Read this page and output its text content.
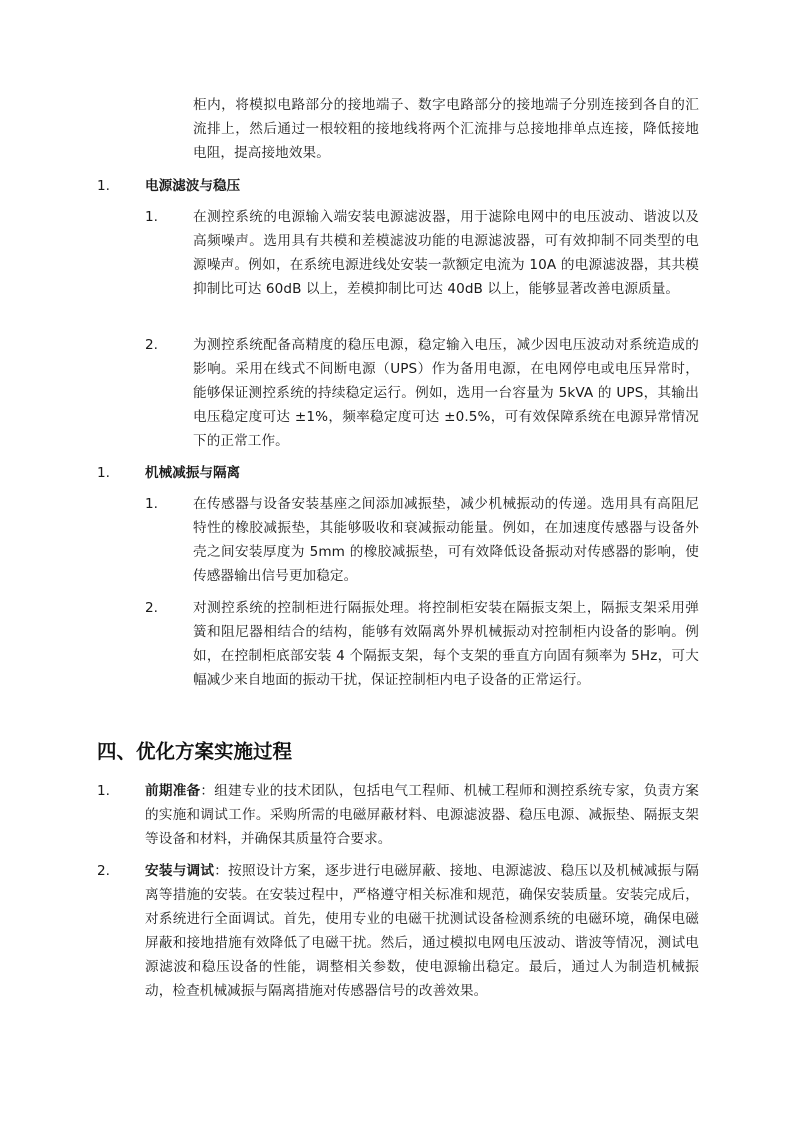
柜内，将模拟电路部分的接地端子、数字电路部分的接地端子分别连接到各自的汇流排上，然后通过一根较粗的接地线将两个汇流排与总接地排单点连接，降低接地电阻，提高接地效果。

1.	电源滤波与稳压
1.	在测控系统的电源输入端安装电源滤波器，用于滤除电网中的电压波动、谐波以及高频噪声。选用具有共模和差模滤波功能的电源滤波器，可有效抑制不同类型的电源噪声。例如，在系统电源进线处安装一款额定电流为 10A 的电源滤波器，其共模抑制比可达 60dB 以上，差模抑制比可达 40dB 以上，能够显著改善电源质量。

2.	为测控系统配备高精度的稳压电源，稳定输入电压，减少因电压波动对系统造成的影响。采用在线式不间断电源（UPS）作为备用电源，在电网停电或电压异常时，能够保证测控系统的持续稳定运行。例如，选用一台容量为 5kVA 的 UPS，其输出电压稳定度可达 ±1%，频率稳定度可达 ±0.5%，可有效保障系统在电源异常情况下的正常工作。

1.	机械减振与隔离
1.	在传感器与设备安装基座之间添加减振垫，减少机械振动的传递。选用具有高阻尼特性的橡胶减振垫，其能够吸收和衰减振动能量。例如，在加速度传感器与设备外壳之间安装厚度为 5mm 的橡胶减振垫，可有效降低设备振动对传感器的影响，使传感器输出信号更加稳定。

2.	对测控系统的控制柜进行隔振处理。将控制柜安装在隔振支架上，隔振支架采用弹簧和阻尼器相结合的结构，能够有效隔离外界机械振动对控制柜内设备的影响。例如，在控制柜底部安装 4 个隔振支架，每个支架的垂直方向固有频率为 5Hz，可大幅减少来自地面的振动干扰，保证控制柜内电子设备的正常运行。

四、优化方案实施过程
1.	前期准备：组建专业的技术团队，包括电气工程师、机械工程师和测控系统专家，负责方案的实施和调试工作。采购所需的电磁屏蔽材料、电源滤波器、稳压电源、减振垫、隔振支架等设备和材料，并确保其质量符合要求。

2.	安装与调试：按照设计方案，逐步进行电磁屏蔽、接地、电源滤波、稳压以及机械减振与隔离等措施的安装。在安装过程中，严格遵守相关标准和规范，确保安装质量。安装完成后，对系统进行全面调试。首先，使用专业的电磁干扰测试设备检测系统的电磁环境，确保电磁屏蔽和接地措施有效降低了电磁干扰。然后，通过模拟电网电压波动、谐波等情况，测试电源滤波和稳压设备的性能，调整相关参数，使电源输出稳定。最后，通过人为制造机械振动，检查机械减振与隔离措施对传感器信号的改善效果。
